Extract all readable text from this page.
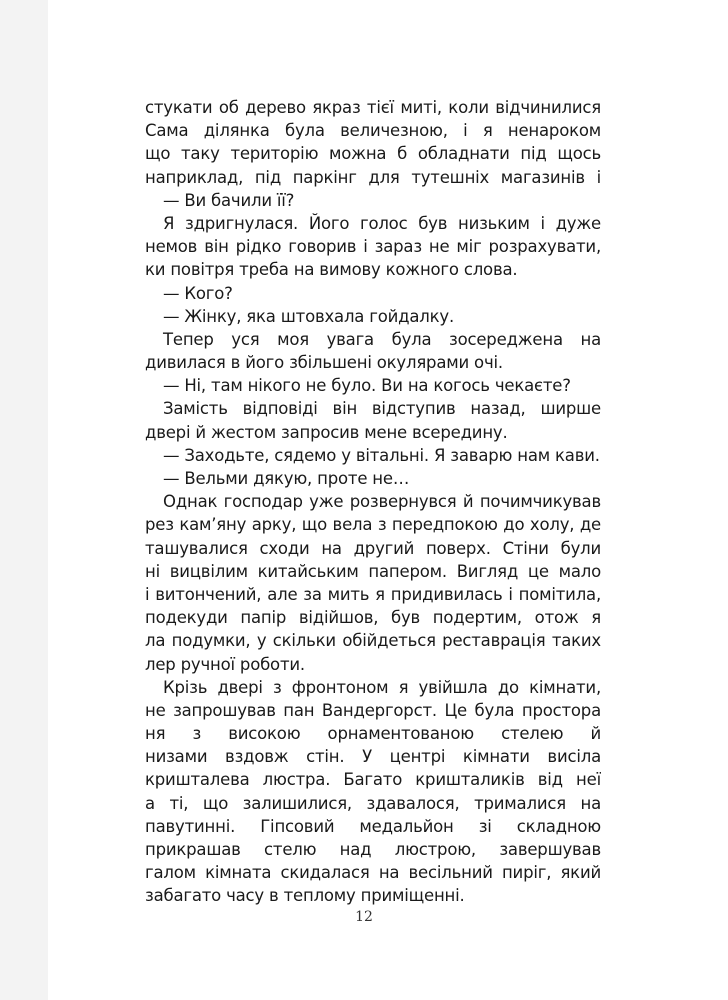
стукати об дерево якраз тієї миті, коли відчинилися
Сама ділянка була величезною, і я ненароком
що таку територію можна б обладнати під щось
наприклад, під паркінг для тутешніх магазинів і
— Ви бачили її?
Я здригнулася. Його голос був низьким і дуже
немов він рідко говорив і зараз не міг розрахувати,
ки повітря треба на вимову кожного слова.
— Кого?
— Жінку, яка штовхала гойдалку.
Тепер уся моя увага була зосереджена на
дивилася в його збільшені окулярами очі.
— Ні, там нікого не було. Ви на когось чекаєте?
Замість відповіді він відступив назад, ширше
двері й жестом запросив мене всередину.
— Заходьте, сядемо у вітальні. Я заварю нам кави.
— Вельми дякую, проте не…
Однак господар уже розвернувся й почимчикував
рез кам’яну арку, що вела з передпокою до холу, де
ташувалися сходи на другий поверх. Стіни були
ні вицвілим китайським папером. Вигляд це мало
і витончений, але за мить я придивилась і помітила,
подекуди папір відійшов, був подертим, отож я
ла подумки, у скільки обійдеться реставрація таких
лер ручної роботи.
Крізь двері з фронтоном я увійшла до кімнати,
не запрошував пан Вандергорст. Це була простора
ня з високою орнаментованою стелею й
низами вздовж стін. У центрі кімнати висіла
кришталева люстра. Багато кришталиків від неї
а ті, що залишилися, здавалося, трималися на
павутинні. Гіпсовий медальйон зі складною
прикрашав стелю над люстрою, завершував
галом кімната скидалася на весільний пиріг, який
забагато часу в теплому приміщенні.
12
